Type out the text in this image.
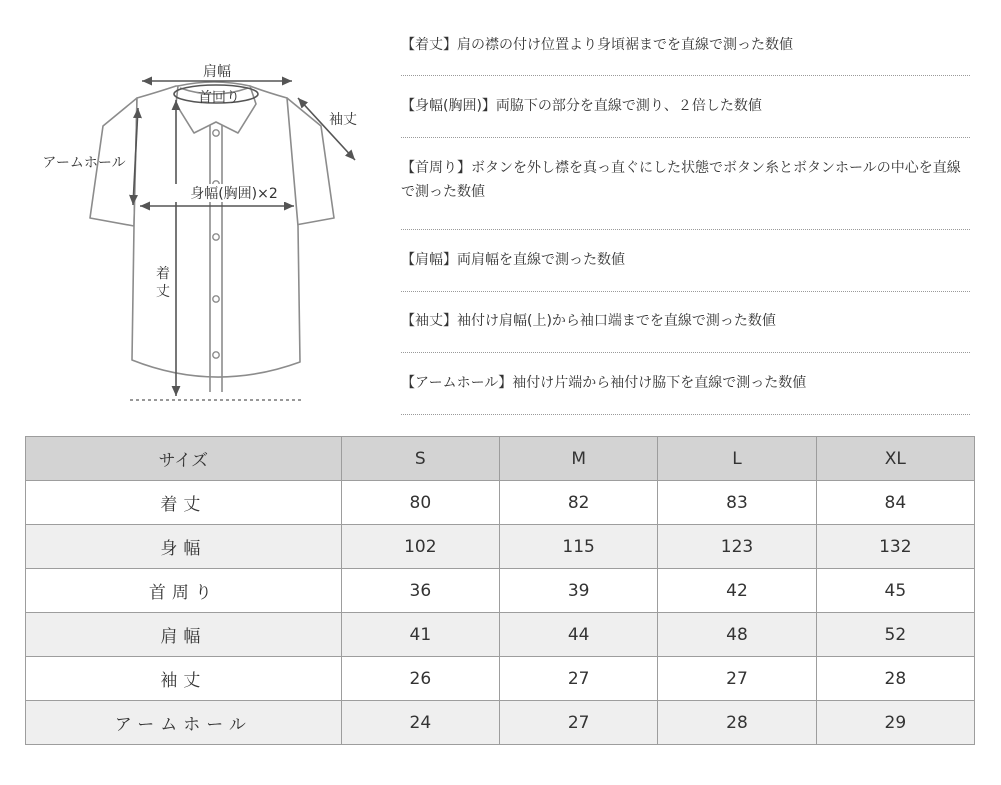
肩幅
首回り
袖丈
アームホール
身幅(胸囲)×2
着
丈
【着丈】肩の襟の付け位置より身頃裾までを直線で測った数値
【身幅(胸囲)】両脇下の部分を直線で測り、２倍した数値
【首周り】ボタンを外し襟を真っ直ぐにした状態でボタン糸とボタンホールの中心を直線で測った数値
【肩幅】両肩幅を直線で測った数値
【袖丈】袖付け肩幅(上)から袖口端までを直線で測った数値
【アームホール】袖付け片端から袖付け脇下を直線で測った数値
サイズ	S	M	L	XL
着丈	80	82	83	84
身幅	102	115	123	132
首周り	36	39	42	45
肩幅	41	44	48	52
袖丈	26	27	27	28
アームホール	24	27	28	29
